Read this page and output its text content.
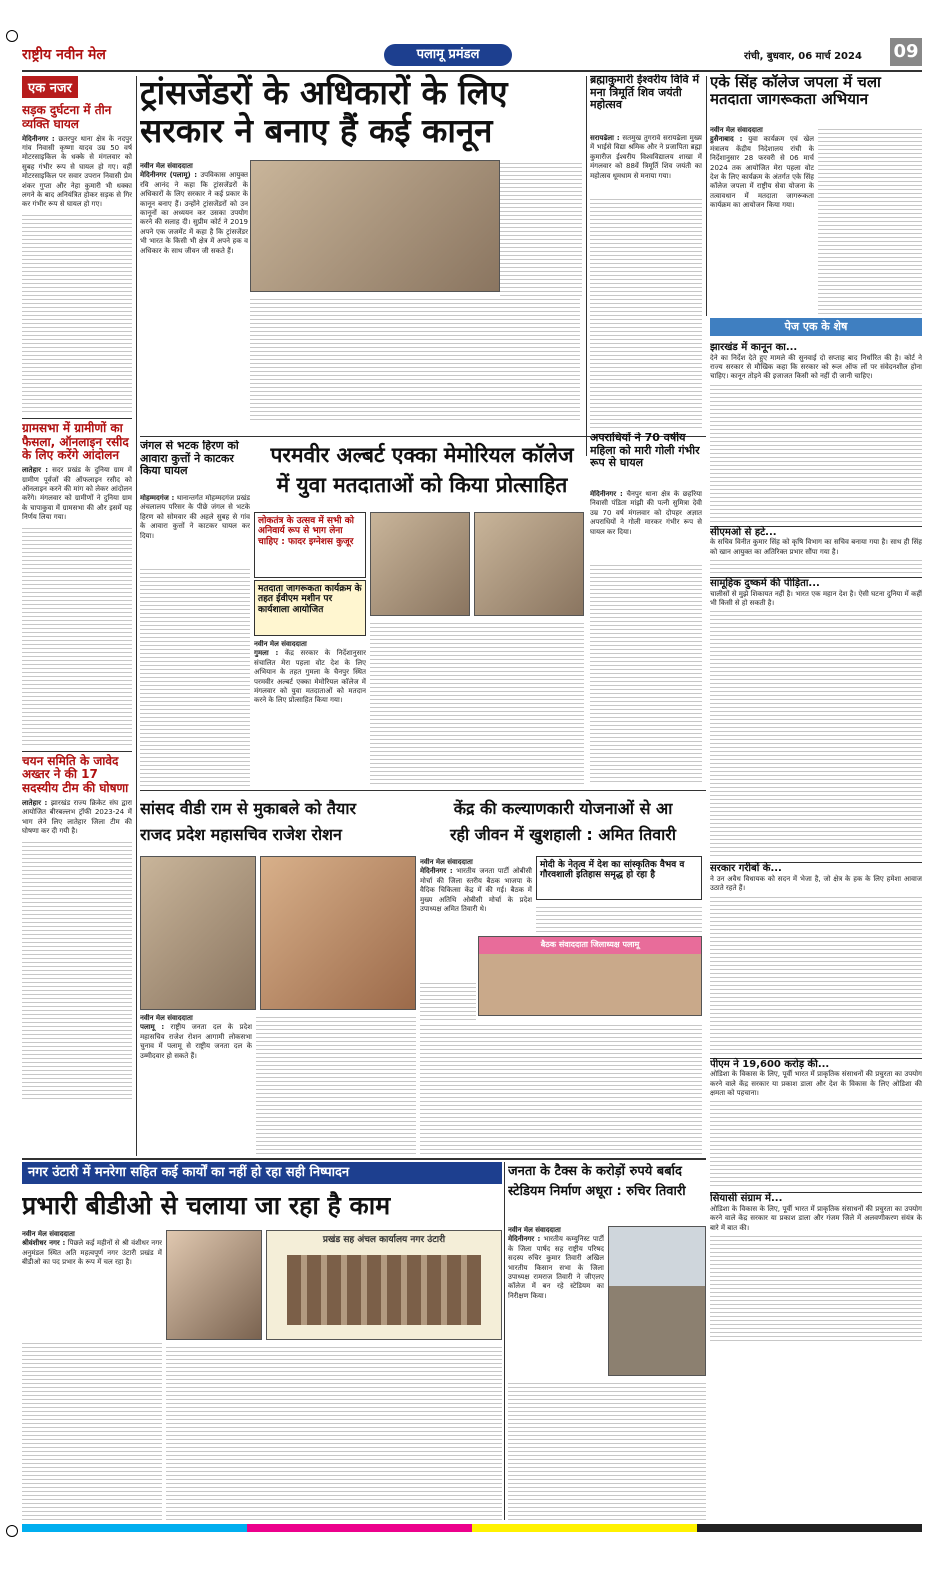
राष्ट्रीय नवीन मेल	पलामू प्रमंडल	रांची, बुधवार, 06 मार्च 2024	09
एक नजर
सड़क दुर्घटना में तीन व्यक्ति घायल
मेदिनीनगर : छतरपुर थाना क्षेत्र के नदपुर गांव निवासी कृष्णा यादव उम्र 50 वर्ष मोटरसाइकिल के धक्के से मंगलवार को सुबह गंभीर रूप से घायल हो गए। वहीं मोटरसाइकिल पर सवार उपरान निवासी प्रेम शंकर गुप्ता और नेहा कुमारी भी धक्का लगने के बाद अनियंत्रित होकर सड़क से गिर कर गंभीर रूप से घायल हो गए।
ग्रामसभा में ग्रामीणों का फैसला, ऑनलाइन रसीद के लिए करेंगे आंदोलन
लातेहार : सदर प्रखंड के दुनिया ग्राम में ग्रामीण पूर्वजों की ऑफलाइन रसीद को ऑनलाइन करने की मांग को लेकर आंदोलन करेंगे। मंगलवार को ग्रामीणों ने दुनिया ग्राम के चापाकुवा में ग्रामसभा की और इसमें यह निर्णय लिया गया।
चयन समिति के जावेद अख्तर ने की 17 सदस्यीय टीम की घोषणा
लातेहार : झारखंड राज्य क्रिकेट संघ द्वारा आयोजित बीरबल्लभ ट्रॉफी 2023-24 में भाग लेने लिए लातेहार जिला टीम की घोषणा कर दी गयी है।
ट्रांसजेंडरों के अधिकारों के लिए
सरकार ने बनाए हैं कई कानून
नवीन मेल संवाददाता
मेदिनीनगर (पलामू) : उपविकास आयुक्त रवि आनंद ने कहा कि ट्रांसजेंडरों के अधिकारों के लिए सरकार ने कई प्रकार के कानून बनाए हैं। उन्होंने ट्रांसजेंडरों को उन कानूनों का अध्ययन कर उसका उपयोग करने की सलाह दी। सुप्रीम कोर्ट ने 2019 अपने एक जजमेंट में कहा है कि ट्रांसजेंडर भी भारत के किसी भी क्षेत्र में अपने हक व अधिकार के साथ जीवन जी सकते हैं।
ब्रह्माकुमारी ईश्वरीय विवि में मना त्रिमूर्ति शिव जयंती महोत्सव
सरायढेला : सतमुख तुगरावे सरायढेला मुख्य में भाईसे विद्या श्रमिक और ने प्रजापिता ब्रह्मा कुमारीज ईश्वरीय विश्वविद्यालय शाखा में मंगलवार को 88वें त्रिमूर्ति शिव जयंती का महोत्सव धूमधाम से मनाया गया।
एके सिंह कॉलेज जपला में चला मतदाता जागरूकता अभियान
नवीन मेल संवाददाता
हुसैनाबाद : युवा कार्यक्रम एवं खेल मंत्रालय केंद्रीय निदेशालय रांची के निर्देशानुसार 28 फरवरी से 06 मार्च 2024 तक आयोजित मेरा पहला वोट देश के लिए कार्यक्रम के अंतर्गत एके सिंह कॉलेज जपला में राष्ट्रीय सेवा योजना के तत्वावधान में मतदाता जागरूकता कार्यक्रम का आयोजन किया गया।
पेज एक के शेष
झारखंड में कानून का...
देने का निर्देश देते हुए मामले की सुनवाई दो सप्ताह बाद निर्धारित की है। कोर्ट ने राज्य सरकार से मौखिक कहा कि सरकार को रूल ऑफ लॉ पर संवेदनशील होना चाहिए। कानून तोड़ने की इजाजत किसी को नहीं दी जानी चाहिए।
सीएमओ से हटे...
के सचिव विनीत कुमार सिंह को कृषि विभाग का सचिव बनाया गया है। साथ ही सिंह को खान आयुक्त का अतिरिक्त प्रभार सौंपा गया है।
सामूहिक दुष्कर्म की पीड़िता...
चालीसों से मुझे शिकायत नहीं है। भारत एक महान देश है। ऐसी घटना दुनिया में कहीं भी किसी से हो सकती है।
सरकार गरीबों के...
ने उन अवैध विधायक को सदन में भेजा है, जो क्षेत्र के हक के लिए हमेशा आवाज उठाते रहते हैं।
पीएम ने 19,600 करोड़ की...
ओडिशा के विकास के लिए, पूर्वी भारत में प्राकृतिक संसाधनों की प्रचुरता का उपयोग करने वाले केंद्र सरकार या प्रकाश डाला और देश के विकास के लिए ओडिशा की क्षमता को पहचाना।
सियासी संग्राम में...
ओडिशा के विकास के लिए, पूर्वी भारत में प्राकृतिक संसाधनों की प्रचुरता का उपयोग करने वाले केंद्र सरकार या प्रकाश डाला और गंजम जिले में अलवणीकरण संयंत्र के बारे में बात की।
जंगल से भटक हिरण को आवारा कुत्तों ने काटकर किया घायल
मोहम्मदगंज : थानान्तर्गत मोहम्मदगंज प्रखंड अंचलालय परिसर के पीछे जंगल से भटके हिरण को सोमवार की अहले सुबह से गांव के आवारा कुत्तों ने काटकर घायल कर दिया।
परमवीर अल्बर्ट एक्का मेमोरियल कॉलेज
में युवा मतदाताओं को किया प्रोत्साहित
लोकतंत्र के उत्सव में सभी को अनिवार्य रूप से भाग लेना चाहिए : फादर इग्नेशस कुजूर
मतदाता जागरूकता कार्यक्रम के तहत ईवीएम मशीन पर कार्यशाला आयोजित
नवीन मेल संवाददाता
गुमला : केंद्र सरकार के निर्देशानुसार संचालित मेरा पहला वोट देश के लिए अभियान के तहत गुमला के चैनपुर स्थित परमवीर अल्बर्ट एक्का मेमोरियल कॉलेज में मंगलवार को युवा मतदाताओं को मतदान करने के लिए प्रोत्साहित किया गया।
अपराधियों ने 70 वर्षीय महिला को मारी गोली गंभीर रूप से घायल
मेदिनीनगर : चैनपुर थाना क्षेत्र के छहरिया निवासी पंडिता मांझी की पत्नी सुमित्रा देवी उम्र 70 वर्ष मंगलवार को दोपहर अज्ञात अपराधियों ने गोली मारकर गंभीर रूप से घायल कर दिया।
सांसद वीडी राम से मुकाबले को तैयार
राजद प्रदेश महासचिव राजेश रोशन
नवीन मेल संवाददाता
पलामू : राष्ट्रीय जनता दल के प्रदेश महासचिव राजेश रोशन आगामी लोकसभा चुनाव में पलामू से राष्ट्रीय जनता दल के उम्मीदवार हो सकते हैं।
केंद्र की कल्याणकारी योजनाओं से आ
रही जीवन में खुशहाली : अमित तिवारी
नवीन मेल संवाददाता
मेदिनीनगर : भारतीय जनता पार्टी ओबीसी मोर्चा की जिला स्तरीय बैठक भाजपा के वैदिक चिकित्सा केंद्र में की गई। बैठक में मुख्य अतिथि ओबीसी मोर्चा के प्रदेश उपाध्यक्ष अमित तिवारी थे।
मोदी के नेतृत्व में देश का सांस्कृतिक वैभव व गौरवशाली इतिहास समृद्ध हो रहा है
बैठक संवाददाता जिलाध्यक्ष पलामू
नगर उंटारी में मनरेगा सहित कई कार्यों का नहीं हो रहा सही निष्पादन
प्रभारी बीडीओ से चलाया जा रहा है काम
नवीन मेल संवाददाता
श्रीवंशीधर नगर : पिछले कई महीनों से श्री वंशीधर नगर अनुमंडल स्थित अति महत्वपूर्ण नगर उंटारी प्रखंड में बीडीओ का पद प्रभार के रूप में चल रहा है।
प्रखंड सह अंचल कार्यालय नगर उंटारी
जनता के टैक्स के करोड़ों रुपये बर्बाद
स्टेडियम निर्माण अधूरा : रुचिर तिवारी
नवीन मेल संवाददाता
मेदिनीनगर : भारतीय कम्युनिस्ट पार्टी के जिला पार्षद सह राष्ट्रीय परिषद सदस्य रुचिर कुमार तिवारी अखिल भारतीय किसान सभा के जिला उपाध्यक्ष रामराज तिवारी ने जीएलए कॉलेज में बन रहे स्टेडियम का निरीक्षण किया।
